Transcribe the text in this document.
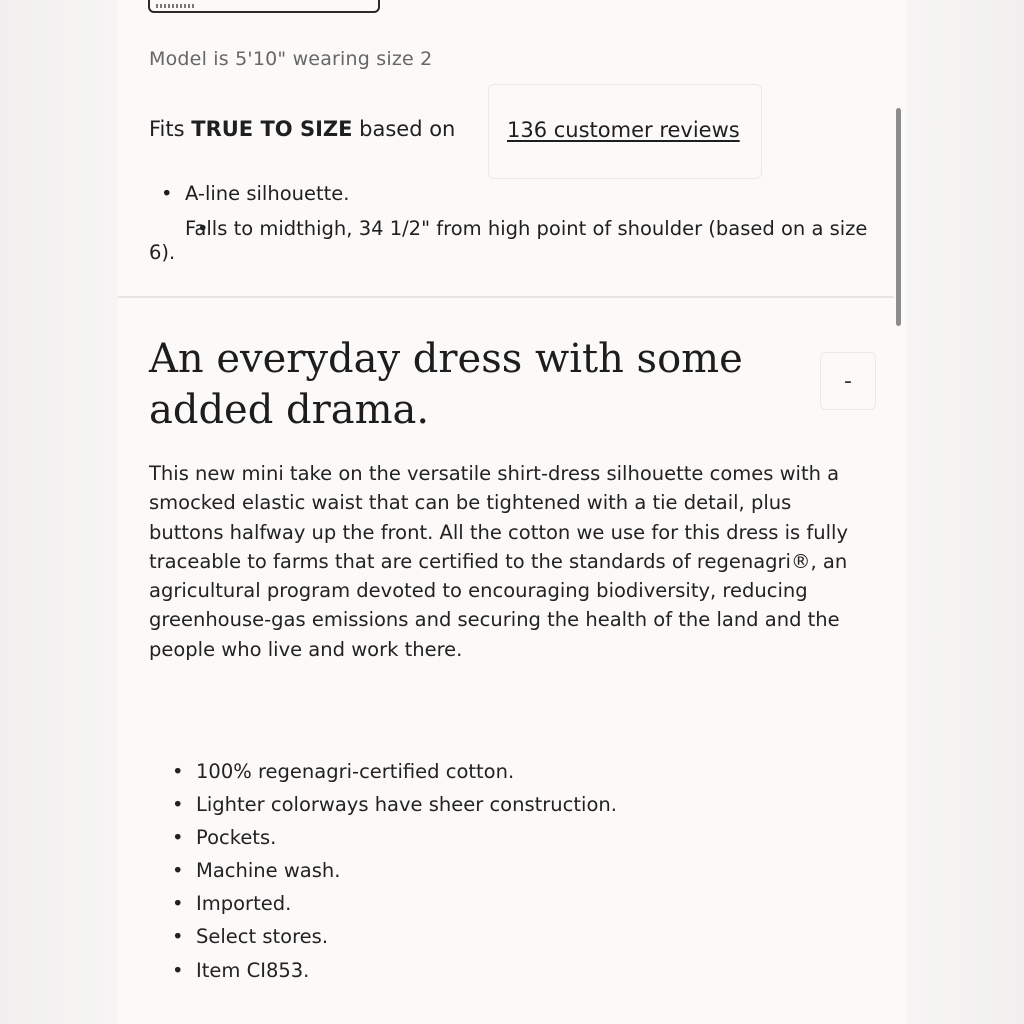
Model is 5'10" wearing size 2
Fits TRUE TO SIZE based on 136 customer reviews
• A-line silhouette.
• Falls to midthigh, 34 1/2" from high point of shoulder (based on a size 6).
An everyday dress with some added drama.
-

This new mini take on the versatile shirt-dress silhouette comes with a smocked elastic waist that can be tightened with a tie detail, plus buttons halfway up the front. All the cotton we use for this dress is fully traceable to farms that are certified to the standards of regenagri®, an agricultural program devoted to encouraging biodiversity, reducing greenhouse-gas emissions and securing the health of the land and the people who live and work there.

• 100% regenagri-certified cotton.
• Lighter colorways have sheer construction.
• Pockets.
• Machine wash.
• Imported.
• Select stores.
• Item CI853.
